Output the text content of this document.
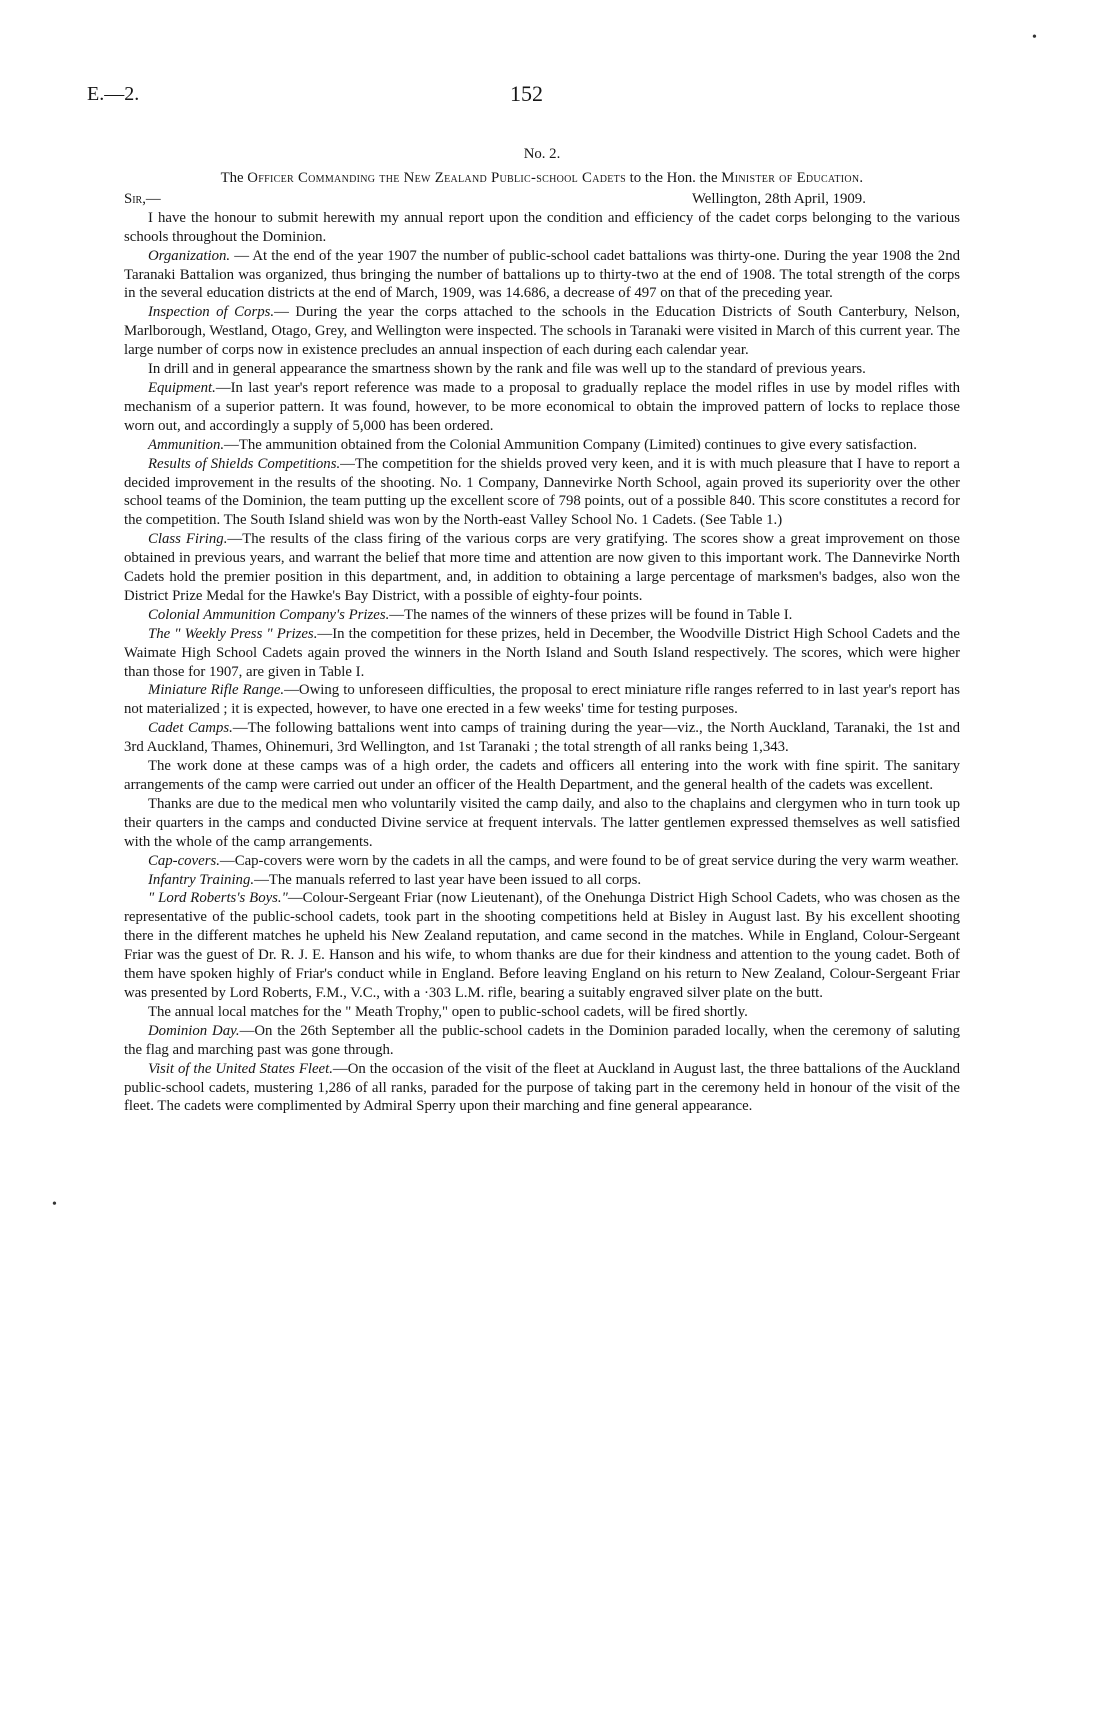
E.—2.	152
•
•

No. 2.

The Officer Commanding the New Zealand Public-school Cadets to the Hon. the Minister of Education.

Sir,—	Wellington, 28th April, 1909.

I have the honour to submit herewith my annual report upon the condition and efficiency of the cadet corps belonging to the various schools throughout the Dominion.

Organization. — At the end of the year 1907 the number of public-school cadet battalions was thirty-one. During the year 1908 the 2nd Taranaki Battalion was organized, thus bringing the number of battalions up to thirty-two at the end of 1908. The total strength of the corps in the several education districts at the end of March, 1909, was 14.686, a decrease of 497 on that of the preceding year.

Inspection of Corps.— During the year the corps attached to the schools in the Education Districts of South Canterbury, Nelson, Marlborough, Westland, Otago, Grey, and Wellington were inspected. The schools in Taranaki were visited in March of this current year. The large number of corps now in existence precludes an annual inspection of each during each calendar year.

In drill and in general appearance the smartness shown by the rank and file was well up to the standard of previous years.

Equipment.—In last year's report reference was made to a proposal to gradually replace the model rifles in use by model rifles with mechanism of a superior pattern. It was found, however, to be more economical to obtain the improved pattern of locks to replace those worn out, and accordingly a supply of 5,000 has been ordered.

Ammunition.—The ammunition obtained from the Colonial Ammunition Company (Limited) continues to give every satisfaction.

Results of Shields Competitions.—The competition for the shields proved very keen, and it is with much pleasure that I have to report a decided improvement in the results of the shooting. No. 1 Company, Dannevirke North School, again proved its superiority over the other school teams of the Dominion, the team putting up the excellent score of 798 points, out of a possible 840. This score constitutes a record for the competition. The South Island shield was won by the North-east Valley School No. 1 Cadets. (See Table 1.)

Class Firing.—The results of the class firing of the various corps are very gratifying. The scores show a great improvement on those obtained in previous years, and warrant the belief that more time and attention are now given to this important work. The Dannevirke North Cadets hold the premier position in this department, and, in addition to obtaining a large percentage of marksmen's badges, also won the District Prize Medal for the Hawke's Bay District, with a possible of eighty-four points.

Colonial Ammunition Company's Prizes.—The names of the winners of these prizes will be found in Table I.

The " Weekly Press " Prizes.—In the competition for these prizes, held in December, the Woodville District High School Cadets and the Waimate High School Cadets again proved the winners in the North Island and South Island respectively. The scores, which were higher than those for 1907, are given in Table I.

Miniature Rifle Range.—Owing to unforeseen difficulties, the proposal to erect miniature rifle ranges referred to in last year's report has not materialized ; it is expected, however, to have one erected in a few weeks' time for testing purposes.

Cadet Camps.—The following battalions went into camps of training during the year—viz., the North Auckland, Taranaki, the 1st and 3rd Auckland, Thames, Ohinemuri, 3rd Wellington, and 1st Taranaki ; the total strength of all ranks being 1,343.

The work done at these camps was of a high order, the cadets and officers all entering into the work with fine spirit. The sanitary arrangements of the camp were carried out under an officer of the Health Department, and the general health of the cadets was excellent.

Thanks are due to the medical men who voluntarily visited the camp daily, and also to the chaplains and clergymen who in turn took up their quarters in the camps and conducted Divine service at frequent intervals. The latter gentlemen expressed themselves as well satisfied with the whole of the camp arrangements.

Cap-covers.—Cap-covers were worn by the cadets in all the camps, and were found to be of great service during the very warm weather.

Infantry Training.—The manuals referred to last year have been issued to all corps.

" Lord Roberts's Boys."—Colour-Sergeant Friar (now Lieutenant), of the Onehunga District High School Cadets, who was chosen as the representative of the public-school cadets, took part in the shooting competitions held at Bisley in August last. By his excellent shooting there in the different matches he upheld his New Zealand reputation, and came second in the matches. While in England, Colour-Sergeant Friar was the guest of Dr. R. J. E. Hanson and his wife, to whom thanks are due for their kindness and attention to the young cadet. Both of them have spoken highly of Friar's conduct while in England. Before leaving England on his return to New Zealand, Colour-Sergeant Friar was presented by Lord Roberts, F.M., V.C., with a ·303 L.M. rifle, bearing a suitably engraved silver plate on the butt.

The annual local matches for the " Meath Trophy," open to public-school cadets, will be fired shortly.

Dominion Day.—On the 26th September all the public-school cadets in the Dominion paraded locally, when the ceremony of saluting the flag and marching past was gone through.

Visit of the United States Fleet.—On the occasion of the visit of the fleet at Auckland in August last, the three battalions of the Auckland public-school cadets, mustering 1,286 of all ranks, paraded for the purpose of taking part in the ceremony held in honour of the visit of the fleet. The cadets were complimented by Admiral Sperry upon their marching and fine general appearance.
